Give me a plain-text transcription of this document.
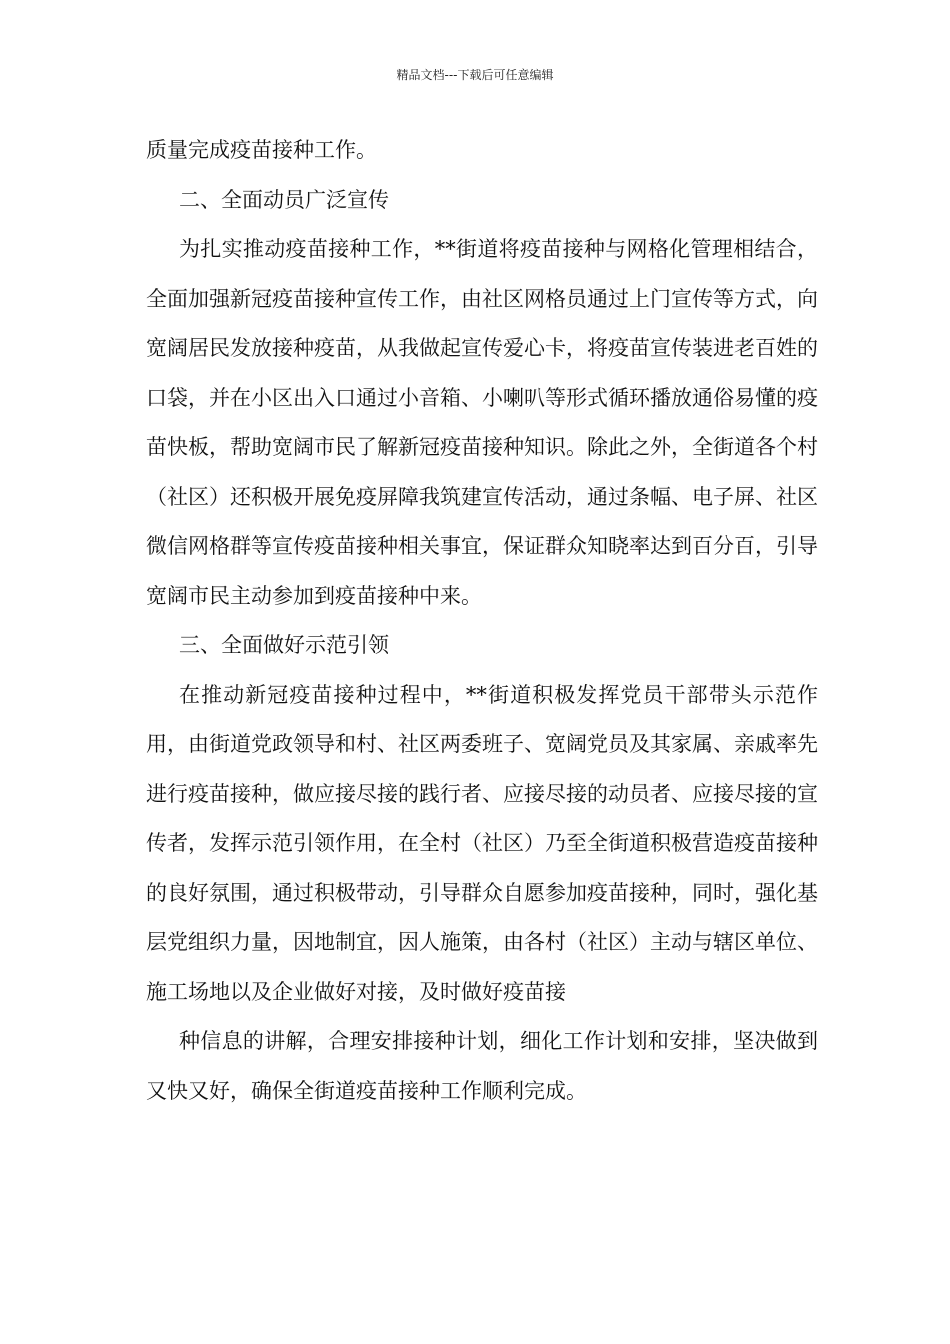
精品文档---下载后可任意编辑

质量完成疫苗接种工作。

二、全面动员广泛宣传

为扎实推动疫苗接种工作，**街道将疫苗接种与网格化管理相结合，全面加强新冠疫苗接种宣传工作，由社区网格员通过上门宣传等方式，向宽阔居民发放接种疫苗，从我做起宣传爱心卡，将疫苗宣传装进老百姓的口袋，并在小区出入口通过小音箱、小喇叭等形式循环播放通俗易懂的疫苗快板，帮助宽阔市民了解新冠疫苗接种知识。除此之外，全街道各个村（社区）还积极开展免疫屏障我筑建宣传活动，通过条幅、电子屏、社区微信网格群等宣传疫苗接种相关事宜，保证群众知晓率达到百分百，引导宽阔市民主动参加到疫苗接种中来。

三、全面做好示范引领

在推动新冠疫苗接种过程中，**街道积极发挥党员干部带头示范作用，由街道党政领导和村、社区两委班子、宽阔党员及其家属、亲戚率先进行疫苗接种，做应接尽接的践行者、应接尽接的动员者、应接尽接的宣传者，发挥示范引领作用，在全村（社区）乃至全街道积极营造疫苗接种的良好氛围，通过积极带动，引导群众自愿参加疫苗接种，同时，强化基层党组织力量，因地制宜，因人施策，由各村（社区）主动与辖区单位、施工场地以及企业做好对接，及时做好疫苗接

种信息的讲解，合理安排接种计划，细化工作计划和安排，坚决做到又快又好，确保全街道疫苗接种工作顺利完成。
